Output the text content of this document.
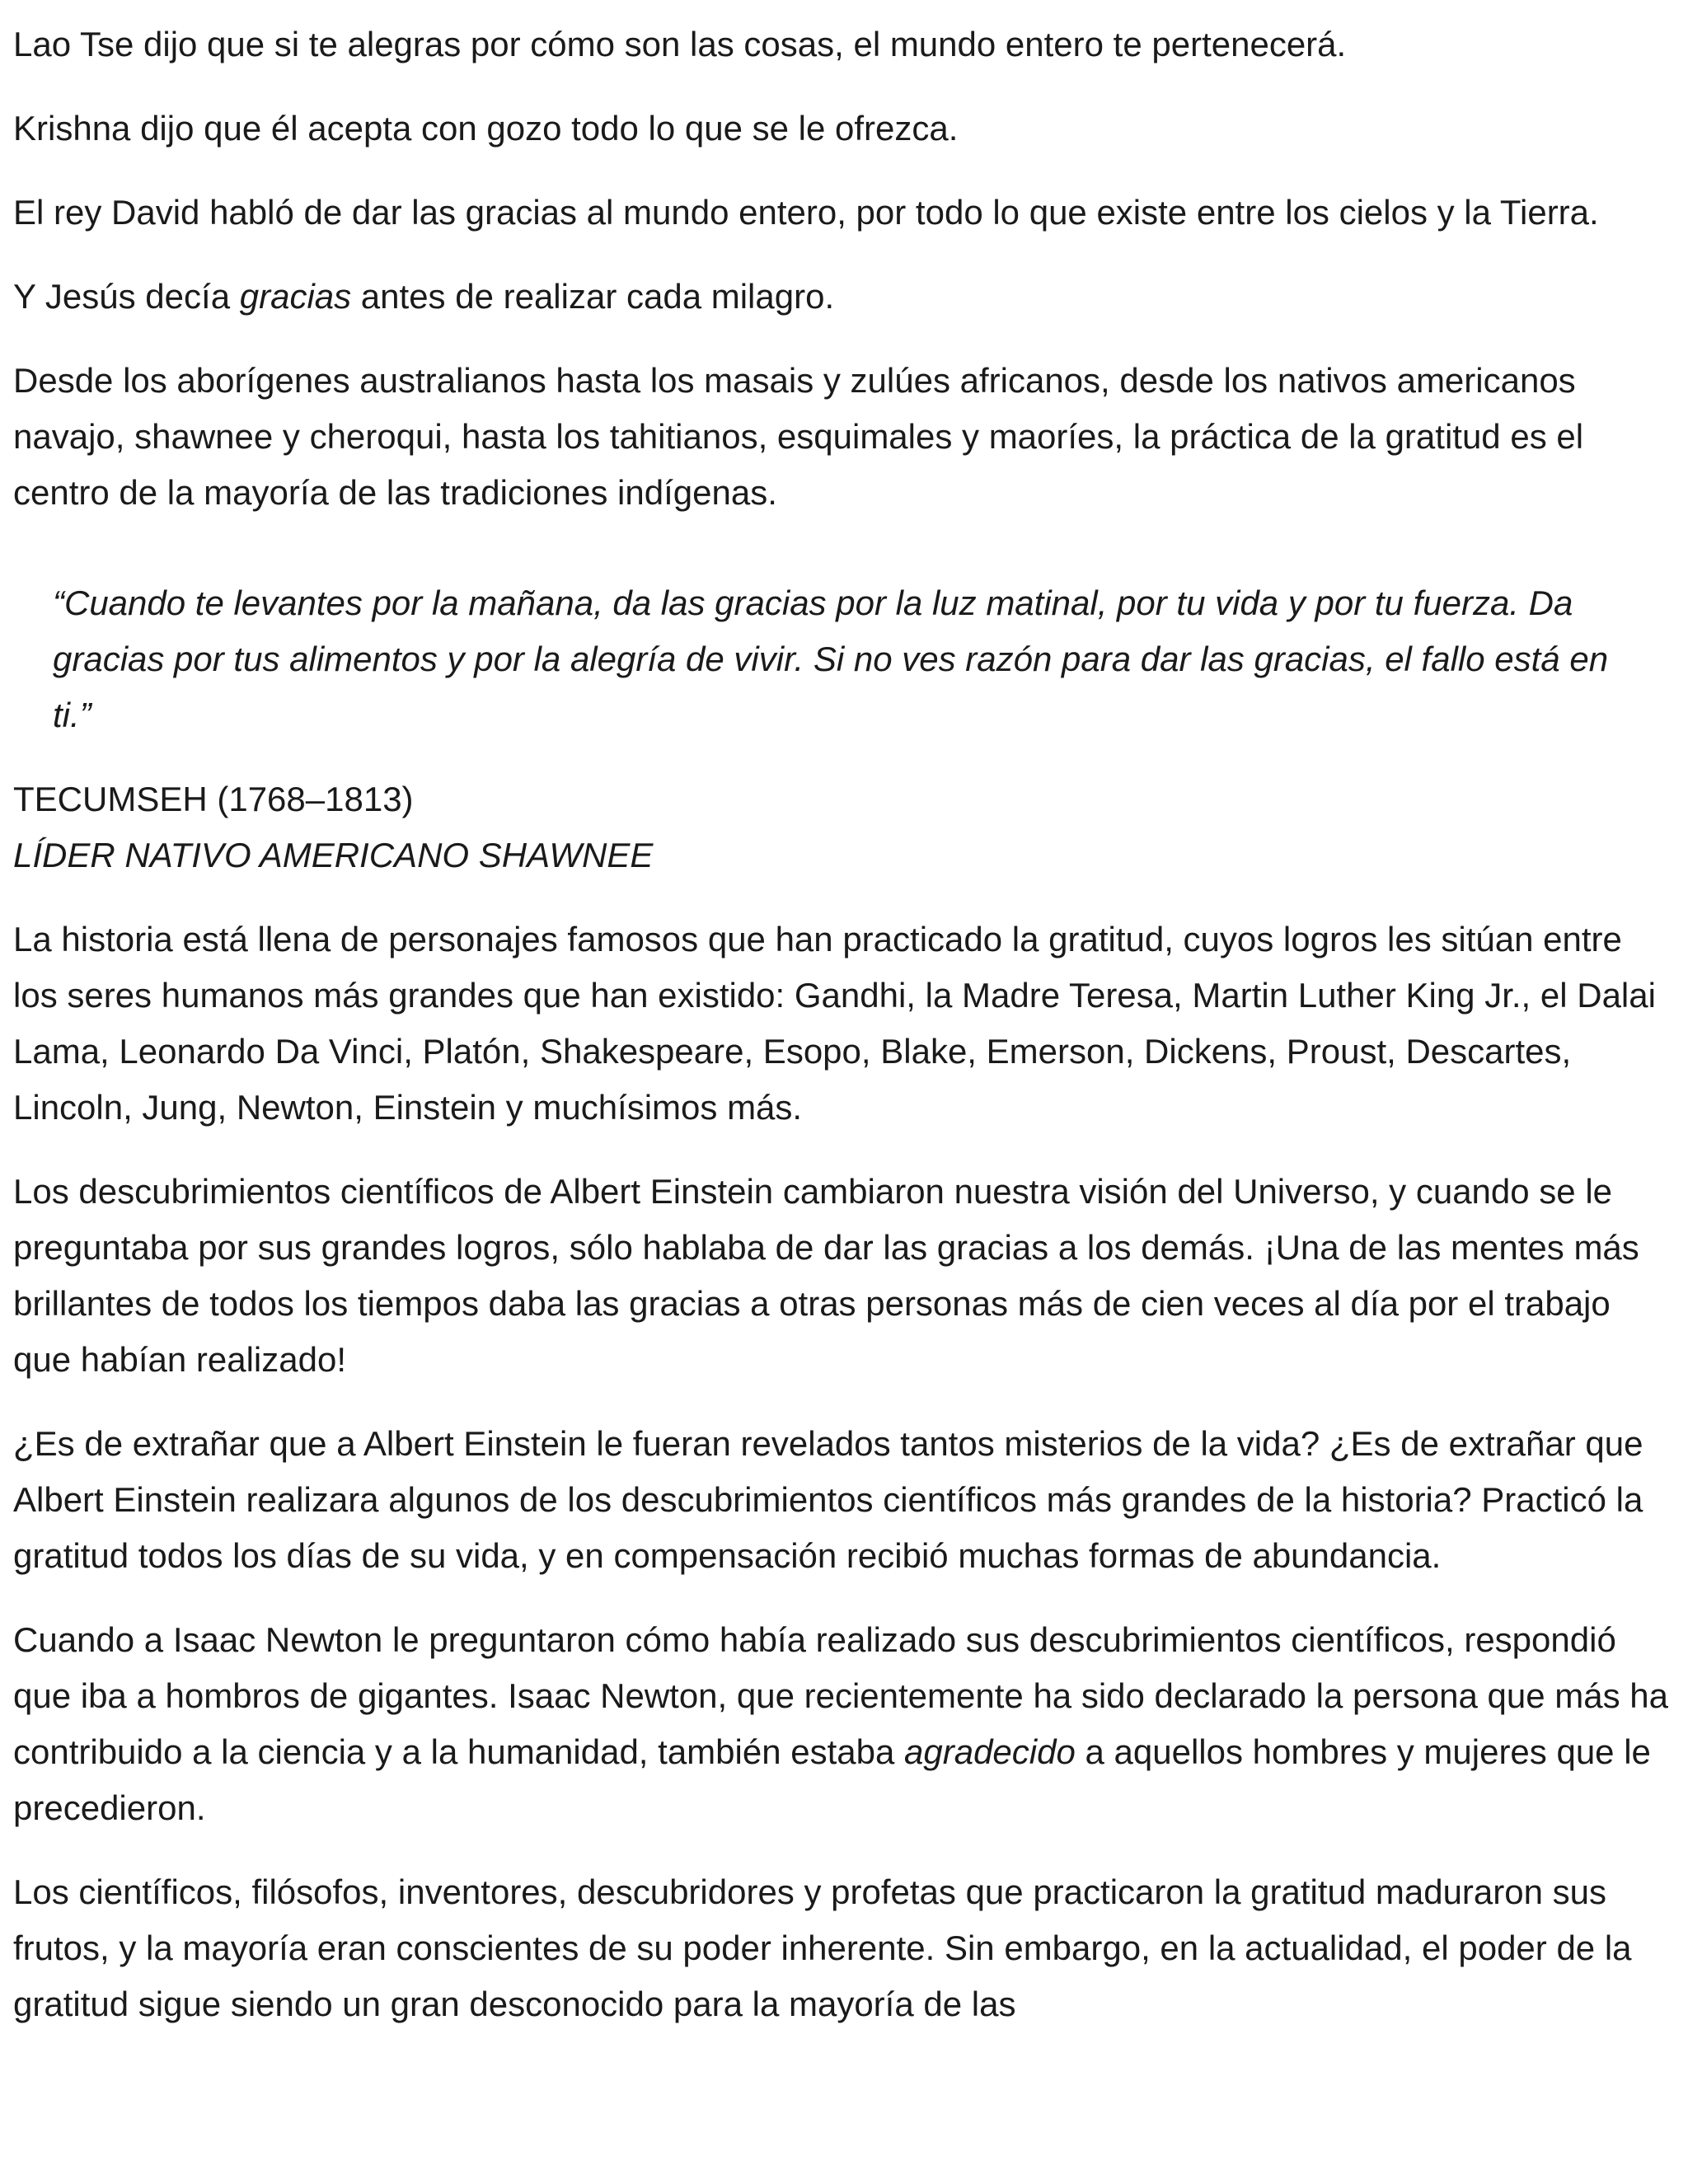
Lao Tse dijo que si te alegras por cómo son las cosas, el mundo entero te pertenecerá.

Krishna dijo que él acepta con gozo todo lo que se le ofrezca.

El rey David habló de dar las gracias al mundo entero, por todo lo que existe entre los cielos y la Tierra.

Y Jesús decía gracias antes de realizar cada milagro.

Desde los aborígenes australianos hasta los masais y zulúes africanos, desde los nativos americanos navajo, shawnee y cheroqui, hasta los tahitianos, esquimales y maoríes, la práctica de la gratitud es el centro de la mayoría de las tradiciones indígenas.

“Cuando te levantes por la mañana, da las gracias por la luz matinal, por tu vida y por tu fuerza. Da gracias por tus alimentos y por la alegría de vivir. Si no ves razón para dar las gracias, el fallo está en ti.”

TECUMSEH (1768–1813)
LÍDER NATIVO AMERICANO SHAWNEE

La historia está llena de personajes famosos que han practicado la gratitud, cuyos logros les sitúan entre los seres humanos más grandes que han existido: Gandhi, la Madre Teresa, Martin Luther King Jr., el Dalai Lama, Leonardo Da Vinci, Platón, Shakespeare, Esopo, Blake, Emerson, Dickens, Proust, Descartes, Lincoln, Jung, Newton, Einstein y muchísimos más.

Los descubrimientos científicos de Albert Einstein cambiaron nuestra visión del Universo, y cuando se le preguntaba por sus grandes logros, sólo hablaba de dar las gracias a los demás. ¡Una de las mentes más brillantes de todos los tiempos daba las gracias a otras personas más de cien veces al día por el trabajo que habían realizado!

¿Es de extrañar que a Albert Einstein le fueran revelados tantos misterios de la vida? ¿Es de extrañar que Albert Einstein realizara algunos de los descubrimientos científicos más grandes de la historia? Practicó la gratitud todos los días de su vida, y en compensación recibió muchas formas de abundancia.

Cuando a Isaac Newton le preguntaron cómo había realizado sus descubrimientos científicos, respondió que iba a hombros de gigantes. Isaac Newton, que recientemente ha sido declarado la persona que más ha contribuido a la ciencia y a la humanidad, también estaba agradecido a aquellos hombres y mujeres que le precedieron.

Los científicos, filósofos, inventores, descubridores y profetas que practicaron la gratitud maduraron sus frutos, y la mayoría eran conscientes de su poder inherente. Sin embargo, en la actualidad, el poder de la gratitud sigue siendo un gran desconocido para la mayoría de las
